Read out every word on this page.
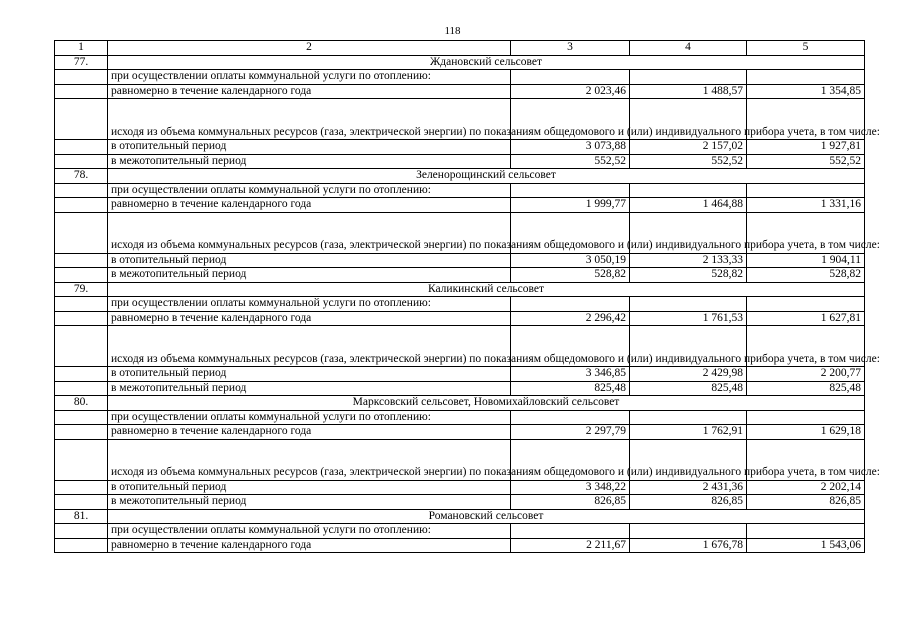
118
1	2	3	4	5
77.	Ждановский сельсовет			
	при осуществлении оплаты коммунальной услуги по отоплению:			
	равномерно в течение календарного года	2 023,46	1 488,57	1 354,85
	исходя из объема коммунальных ресурсов (газа, электрической энергии) по показаниям общедомового и (или) индивидуального прибора учета, в том числе:			
	в отопительный период	3 073,88	2 157,02	1 927,81
	в межотопительный период	552,52	552,52	552,52
78.	Зеленорощинский сельсовет			
	при осуществлении оплаты коммунальной услуги по отоплению:			
	равномерно в течение календарного года	1 999,77	1 464,88	1 331,16
	исходя из объема коммунальных ресурсов (газа, электрической энергии) по показаниям общедомового и (или) индивидуального прибора учета, в том числе:			
	в отопительный период	3 050,19	2 133,33	1 904,11
	в межотопительный период	528,82	528,82	528,82
79.	Каликинский сельсовет			
	при осуществлении оплаты коммунальной услуги по отоплению:			
	равномерно в течение календарного года	2 296,42	1 761,53	1 627,81
	исходя из объема коммунальных ресурсов (газа, электрической энергии) по показаниям общедомового и (или) индивидуального прибора учета, в том числе:			
	в отопительный период	3 346,85	2 429,98	2 200,77
	в межотопительный период	825,48	825,48	825,48
80.	Марксовский сельсовет, Новомихайловский сельсовет			
	при осуществлении оплаты коммунальной услуги по отоплению:			
	равномерно в течение календарного года	2 297,79	1 762,91	1 629,18
	исходя из объема коммунальных ресурсов (газа, электрической энергии) по показаниям общедомового и (или) индивидуального прибора учета, в том числе:			
	в отопительный период	3 348,22	2 431,36	2 202,14
	в межотопительный период	826,85	826,85	826,85
81.	Романовский сельсовет			
	при осуществлении оплаты коммунальной услуги по отоплению:			
	равномерно в течение календарного года	2 211,67	1 676,78	1 543,06
